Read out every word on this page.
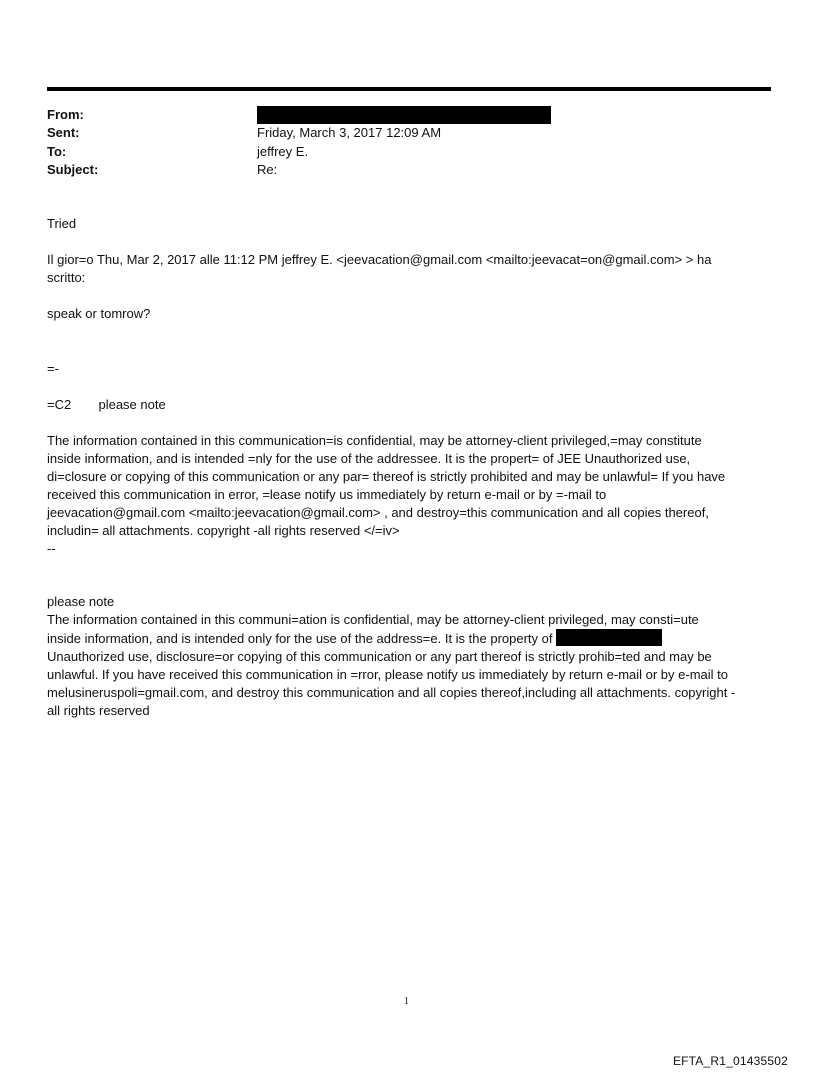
From:
Sent:	Friday, March 3, 2017 12:09 AM
To:	jeffrey E.
Subject:	Re:

Tried

Il gior=o Thu, Mar 2, 2017 alle 11:12 PM jeffrey E. <jeevacation@gmail.com <mailto:jeevacat=on@gmail.com> > ha

scritto:

speak or tomrow?

=-

=C2 please note

The information contained in this communication=is confidential, may be attorney-client privileged,=may constitute

inside information, and is intended =nly for the use of the addressee. It is the propert= of JEE Unauthorized use,

di=closure or copying of this communication or any par= thereof is strictly prohibited and may be unlawful= If you have

received this communication in error, =lease notify us immediately by return e-mail or by =-mail to

jeevacation@gmail.com <mailto:jeevacation@gmail.com> , and destroy=this communication and all copies thereof,

includin= all attachments. copyright -all rights reserved </=iv>

--

please note

The information contained in this communi=ation is confidential, may be attorney-client privileged, may consti=ute

inside information, and is intended only for the use of the address=e. It is the property of

Unauthorized use, disclosure=or copying of this communication or any part thereof is strictly prohib=ted and may be

unlawful. If you have received this communication in =rror, please notify us immediately by return e-mail or by e-mail to

melusineruspoli=gmail.com, and destroy this communication and all copies thereof,including all attachments. copyright -

all rights reserved

1
EFTA_R1_01435502
